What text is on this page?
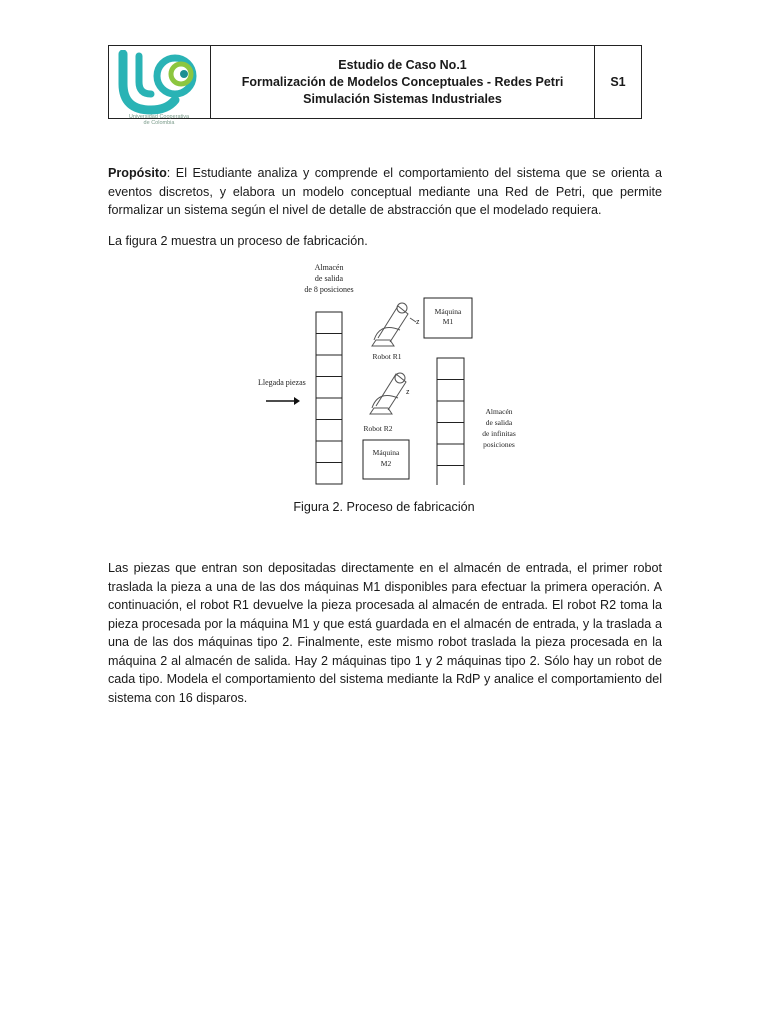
Universidad Cooperativa
de Colombia
Estudio de Caso No.1
Formalización de Modelos Conceptuales - Redes Petri
Simulación Sistemas Industriales
S1

Propósito: El Estudiante analiza y comprende el comportamiento del sistema que se orienta a eventos discretos, y elabora un modelo conceptual mediante una Red de Petri, que permite formalizar un sistema según el nivel de detalle de abstracción que el modelado requiera.

La figura 2 muestra un proceso de fabricación.

Almacén
de salida
de 8 posiciones
Llegada piezas
z
Robot R1
z
Robot R2
Máquina
M1
Máquina
M2
Almacén
de salida
de infinitas
posiciones
Figura 2. Proceso de fabricación

Las piezas que entran son depositadas directamente en el almacén de entrada, el primer robot traslada la pieza a una de las dos máquinas M1 disponibles para efectuar la primera operación. A continuación, el robot R1 devuelve la pieza procesada al almacén de entrada. El robot R2 toma la pieza procesada por la máquina M1 y que está guardada en el almacén de entrada, y la traslada a una de las dos máquinas tipo 2. Finalmente, este mismo robot traslada la pieza procesada en la máquina 2 al almacén de salida. Hay 2 máquinas tipo 1 y 2 máquinas tipo 2. Sólo hay un robot de cada tipo. Modela el comportamiento del sistema mediante la RdP y analice el comportamiento del sistema con 16 disparos.
